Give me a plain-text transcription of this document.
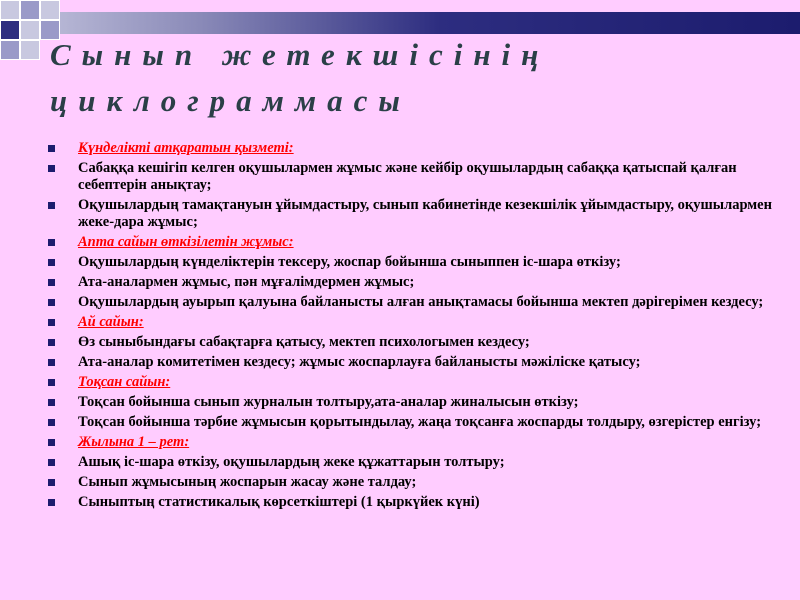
Сынып жетекшісінің
циклограммасы
Күнделікті атқаратын қызметі:
Сабаққа кешігіп келген оқушылармен жұмыс және кейбір оқушылардың сабаққа қатыспай қалған себептерін анықтау;
Оқушылардың тамақтануын ұйымдастыру, сынып кабинетінде кезекшілік ұйымдастыру, оқушылармен жеке-дара жұмыс;
Апта сайын өткізілетін жұмыс:
Оқушылардың күнделіктерін тексеру, жоспар бойынша сыныппен іс-шара өткізу;
Ата-аналармен жұмыс, пән мұғалімдермен жұмыс;
Оқушылардың ауырып қалуына байланысты алған анықтамасы бойынша мектеп дәрігерімен кездесу;
Ай сайын:
Өз сыныбындағы сабақтарға қатысу, мектеп психологымен кездесу;
Ата-аналар комитетімен кездесу; жұмыс жоспарлауға байланысты мәжіліске қатысу;
Тоқсан сайын:
Тоқсан бойынша сынып журналын толтыру,ата-аналар жиналысын өткізу;
Тоқсан бойынша тәрбие жұмысын қорытындылау, жаңа тоқсанға жоспарды толдыру, өзгерістер енгізу;
Жылына 1 – рет:
Ашық іс-шара өткізу, оқушылардың жеке құжаттарын толтыру;
Сынып жұмысының жоспарын жасау және талдау;
Сыныптың статистикалық көрсеткіштері (1 қыркүйек күні)
